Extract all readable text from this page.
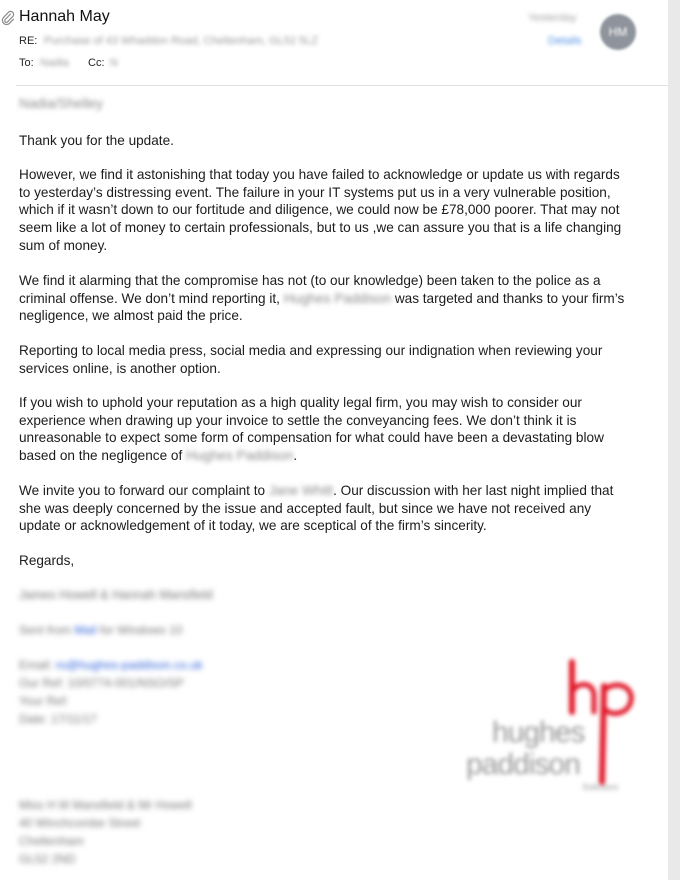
Hannah May
RE: Purchase of 43 Whaddon Road, Cheltenham, GL52 5LZ
To: Nadia Cc: N
Yesterday
Details
HM

Nadia/Shelley

Thank you for the update.

However, we find it astonishing that today you have failed to acknowledge or update us with regards to yesterday’s distressing event. The failure in your IT systems put us in a very vulnerable position, which if it wasn’t down to our fortitude and diligence, we could now be £78,000 poorer. That may not seem like a lot of money to certain professionals, but to us ,we can assure you that is a life changing sum of money.

We find it alarming that the compromise has not (to our knowledge) been taken to the police as a criminal offense. We don’t mind reporting it, Hughes Paddison was targeted and thanks to your firm’s negligence, we almost paid the price.

Reporting to local media press, social media and expressing our indignation when reviewing your services online, is another option.

If you wish to uphold your reputation as a high quality legal firm, you may wish to consider our experience when drawing up your invoice to settle the conveyancing fees. We don’t think it is unreasonable to expect some form of compensation for what could have been a devastating blow based on the negligence of Hughes Paddison.

We invite you to forward our complaint to Jane Whitt. Our discussion with her last night implied that she was deeply concerned by the issue and accepted fault, but since we have not received any update or acknowledgement of it today, we are sceptical of the firm’s sincerity.

Regards,

James Howell & Hannah Mansfield
Sent from Mail for Windows 10
Email: ro@hughes-paddison.co.uk
Our Ref: 10/0774-001/NSO/SP
Your Ref:
Date: 17/11/17
Miss H M Mansfield & Mr Howell
40 Winchcombe Street
Cheltenham
GL52 2ND
hughes
paddison
Solicitors
